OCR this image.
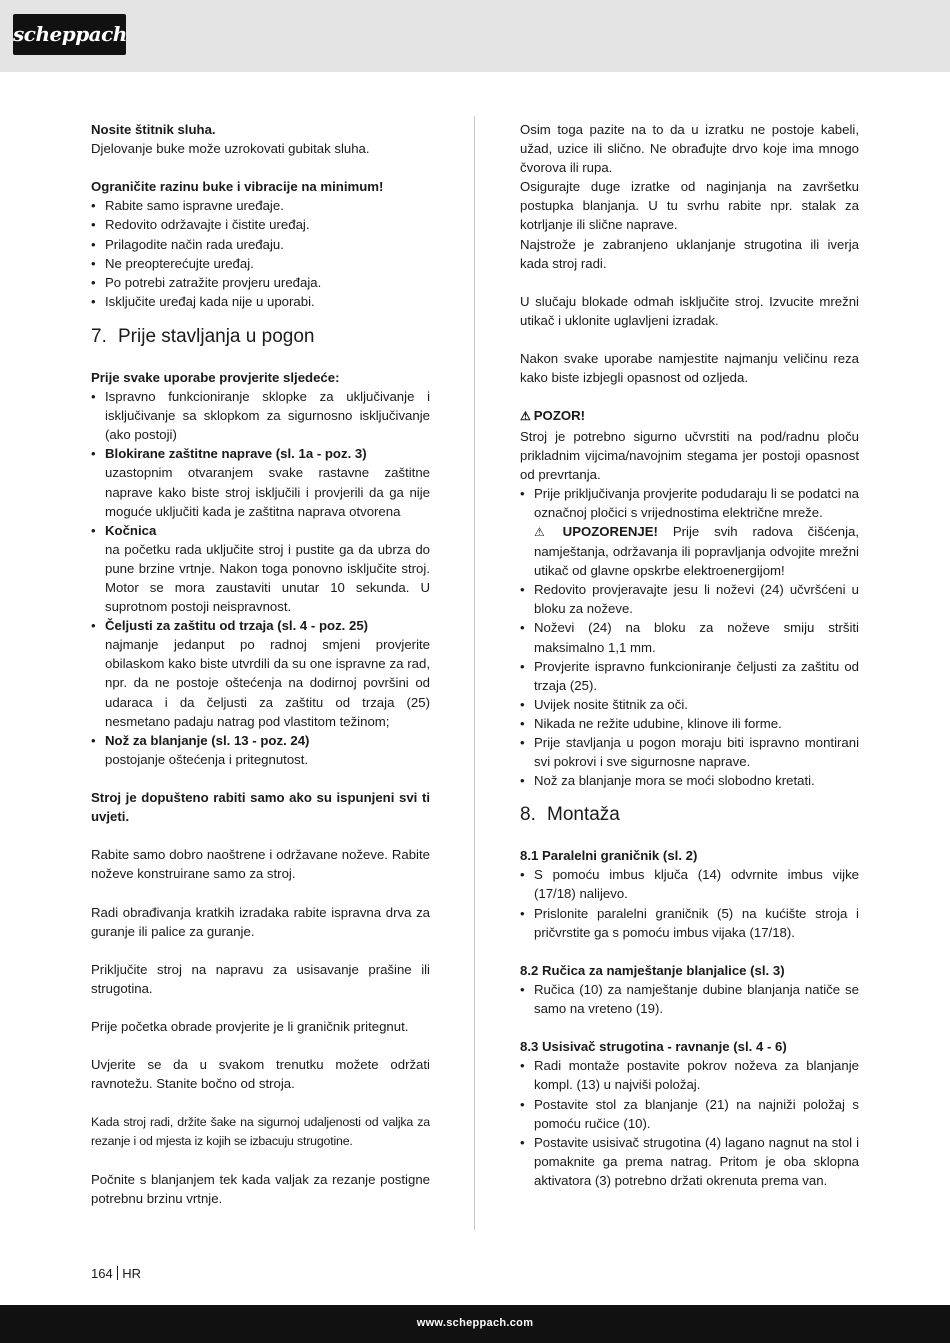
scheppach

Nosite štitnik sluha.

Djelovanje buke može uzrokovati gubitak sluha.

Ograničite razinu buke i vibracije na minimum!

• Rabite samo ispravne uređaje.
• Redovito održavajte i čistite uređaj.
• Prilagodite način rada uređaju.
• Ne preopterećujte uređaj.
• Po potrebi zatražite provjeru uređaja.
• Isključite uređaj kada nije u uporabi.
7. Prije stavljanja u pogon

Prije svake uporabe provjerite sljedeće:

• Ispravno funkcioniranje sklopke za uključivanje i isključivanje sa sklopkom za sigurnosno isključivanje (ako postoji)
• Blokirane zaštitne naprave (sl. 1a - poz. 3)
uzastopnim otvaranjem svake rastavne zaštitne naprave kako biste stroj isključili i provjerili da ga nije moguće uključiti kada je zaštitna naprava otvorena
• Kočnica
na početku rada uključite stroj i pustite ga da ubrza do pune brzine vrtnje. Nakon toga ponovno isključite stroj. Motor se mora zaustaviti unutar 10 sekunda. U suprotnom postoji neispravnost.
• Čeljusti za zaštitu od trzaja (sl. 4 - poz. 25)
najmanje jedanput po radnoj smjeni provjerite obilaskom kako biste utvrdili da su one ispravne za rad, npr. da ne postoje oštećenja na dodirnoj površini od udaraca i da čeljusti za zaštitu od trzaja (25) nesmetano padaju natrag pod vlastitom težinom;
• Nož za blanjanje (sl. 13 - poz. 24)
postojanje oštećenja i pritegnutost.

Stroj je dopušteno rabiti samo ako su ispunjeni svi ti uvjeti.

Rabite samo dobro naoštrene i održavane noževe. Rabite noževe konstruirane samo za stroj.

Radi obrađivanja kratkih izradaka rabite ispravna drva za guranje ili palice za guranje.

Priključite stroj na napravu za usisavanje prašine ili strugotina.

Prije početka obrade provjerite je li graničnik pritegnut.

Uvjerite se da u svakom trenutku možete održati ravnotežu. Stanite bočno od stroja.

Kada stroj radi, držite šake na sigurnoj udaljenosti od valjka za rezanje i od mjesta iz kojih se izbacuju strugotine.

Počnite s blanjanjem tek kada valjak za rezanje postigne potrebnu brzinu vrtnje.

Osim toga pazite na to da u izratku ne postoje kabeli, užad, uzice ili slično. Ne obrađujte drvo koje ima mnogo čvorova ili rupa.

Osigurajte duge izratke od naginjanja na završetku postupka blanjanja. U tu svrhu rabite npr. stalak za kotrljanje ili slične naprave.

Najstrože je zabranjeno uklanjanje strugotina ili iverja kada stroj radi.

U slučaju blokade odmah isključite stroj. Izvucite mrežni utikač i uklonite uglavljeni izradak.

Nakon svake uporabe namjestite najmanju veličinu reza kako biste izbjegli opasnost od ozljeda.

⚠ POZOR!

Stroj je potrebno sigurno učvrstiti na pod/radnu ploču prikladnim vijcima/navojnim stegama jer postoji opasnost od prevrtanja.

• Prije priključivanja provjerite podudaraju li se podatci na označnoj pločici s vrijednostima električne mreže.
⚠ UPOZORENJE! Prije svih radova čišćenja, namještanja, održavanja ili popravljanja odvojite mrežni utikač od glavne opskrbe elektroenergijom!
• Redovito provjeravajte jesu li noževi (24) učvršćeni u bloku za noževe.
• Noževi (24) na bloku za noževe smiju stršiti maksimalno 1,1 mm.
• Provjerite ispravno funkcioniranje čeljusti za zaštitu od trzaja (25).
• Uvijek nosite štitnik za oči.
• Nikada ne režite udubine, klinove ili forme.
• Prije stavljanja u pogon moraju biti ispravno montirani svi pokrovi i sve sigurnosne naprave.
• Nož za blanjanje mora se moći slobodno kretati.
8. Montaža
8.1 Paralelni graničnik (sl. 2)
• S pomoću imbus ključa (14) odvrnite imbus vijke (17/18) nalijevo.
• Prislonite paralelni graničnik (5) na kućište stroja i pričvrstite ga s pomoću imbus vijaka (17/18).
8.2 Ručica za namještanje blanjalice (sl. 3)
• Ručica (10) za namještanje dubine blanjanja natiče se samo na vreteno (19).
8.3 Usisivač strugotina - ravnanje (sl. 4 - 6)
• Radi montaže postavite pokrov noževa za blanjanje kompl. (13) u najviši položaj.
• Postavite stol za blanjanje (21) na najniži položaj s pomoću ručice (10).
• Postavite usisivač strugotina (4) lagano nagnut na stol i pomaknite ga prema natrag. Pritom je oba sklopna aktivatora (3) potrebno držati okrenuta prema van.
164 HR
www.scheppach.com
